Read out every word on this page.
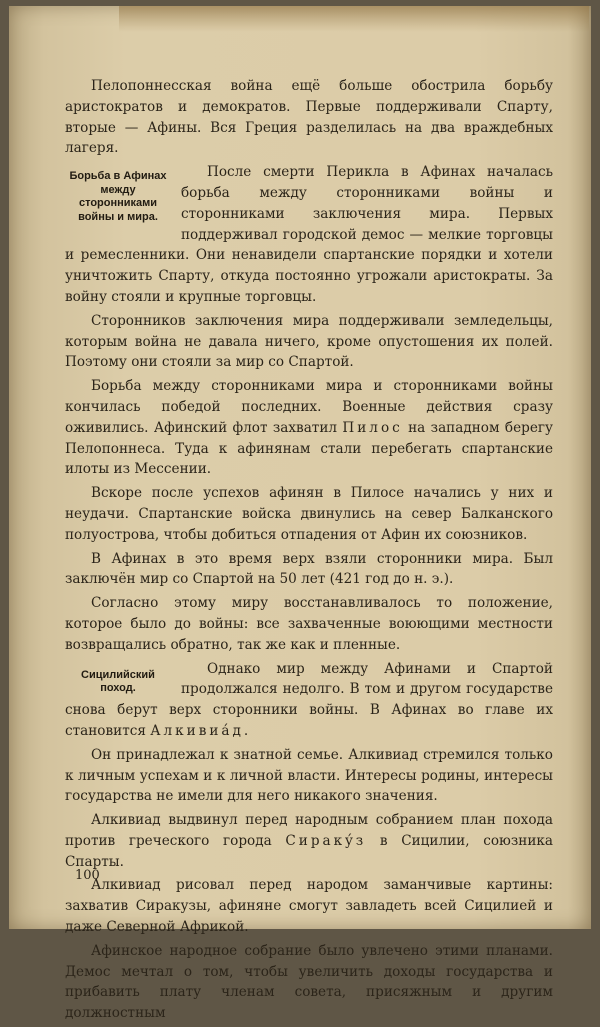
Пелопоннесская война ещё больше обострила борьбу аристократов и демократов. Первые поддерживали Спарту, вторые — Афины. Вся Греция разделилась на два враждебных лагеря.

Борьба в Афинах между сторонниками войны и мира.

После смерти Перикла в Афинах началась борьба между сторонниками войны и сторонниками заключения мира. Первых поддерживал городской демос — мелкие торговцы и ремесленники. Они ненавидели спартанские порядки и хотели уничтожить Спарту, откуда постоянно угрожали аристократы. За войну стояли и крупные торговцы.

Сторонников заключения мира поддерживали земледельцы, которым война не давала ничего, кроме опустошения их полей. Поэтому они стояли за мир со Спартой.

Борьба между сторонниками мира и сторонниками войны кончилась победой последних. Военные действия сразу оживились. Афинский флот захватил Пилос на западном берегу Пелопоннеса. Туда к афинянам стали перебегать спартанские илоты из Мессении.

Вскоре после успехов афинян в Пилосе начались у них и неудачи. Спартанские войска двинулись на север Балканского полуострова, чтобы добиться отпадения от Афин их союзников.

В Афинах в это время верх взяли сторонники мира. Был заключён мир со Спартой на 50 лет (421 год до н. э.).

Согласно этому миру восстанавливалось то положение, которое было до войны: все захваченные воюющими местности возвращались обратно, так же как и пленные.

Сицилийский поход.

Однако мир между Афинами и Спартой продолжался недолго. В том и другом государстве снова берут верх сторонники войны. В Афинах во главе их становится Алкивиáд.

Он принадлежал к знатной семье. Алкивиад стремился только к личным успехам и к личной власти. Интересы родины, интересы государства не имели для него никакого значения.

Алкивиад выдвинул перед народным собранием план похода против греческого города Сиракýз в Сицилии, союзника Спарты.

Алкивиад рисовал перед народом заманчивые картины: захватив Сиракузы, афиняне смогут завладеть всей Сицилией и даже Северной Африкой.

Афинское народное собрание было увлечено этими планами. Демос мечтал о том, чтобы увеличить доходы государства и прибавить плату членам совета, присяжным и другим должностным

100
